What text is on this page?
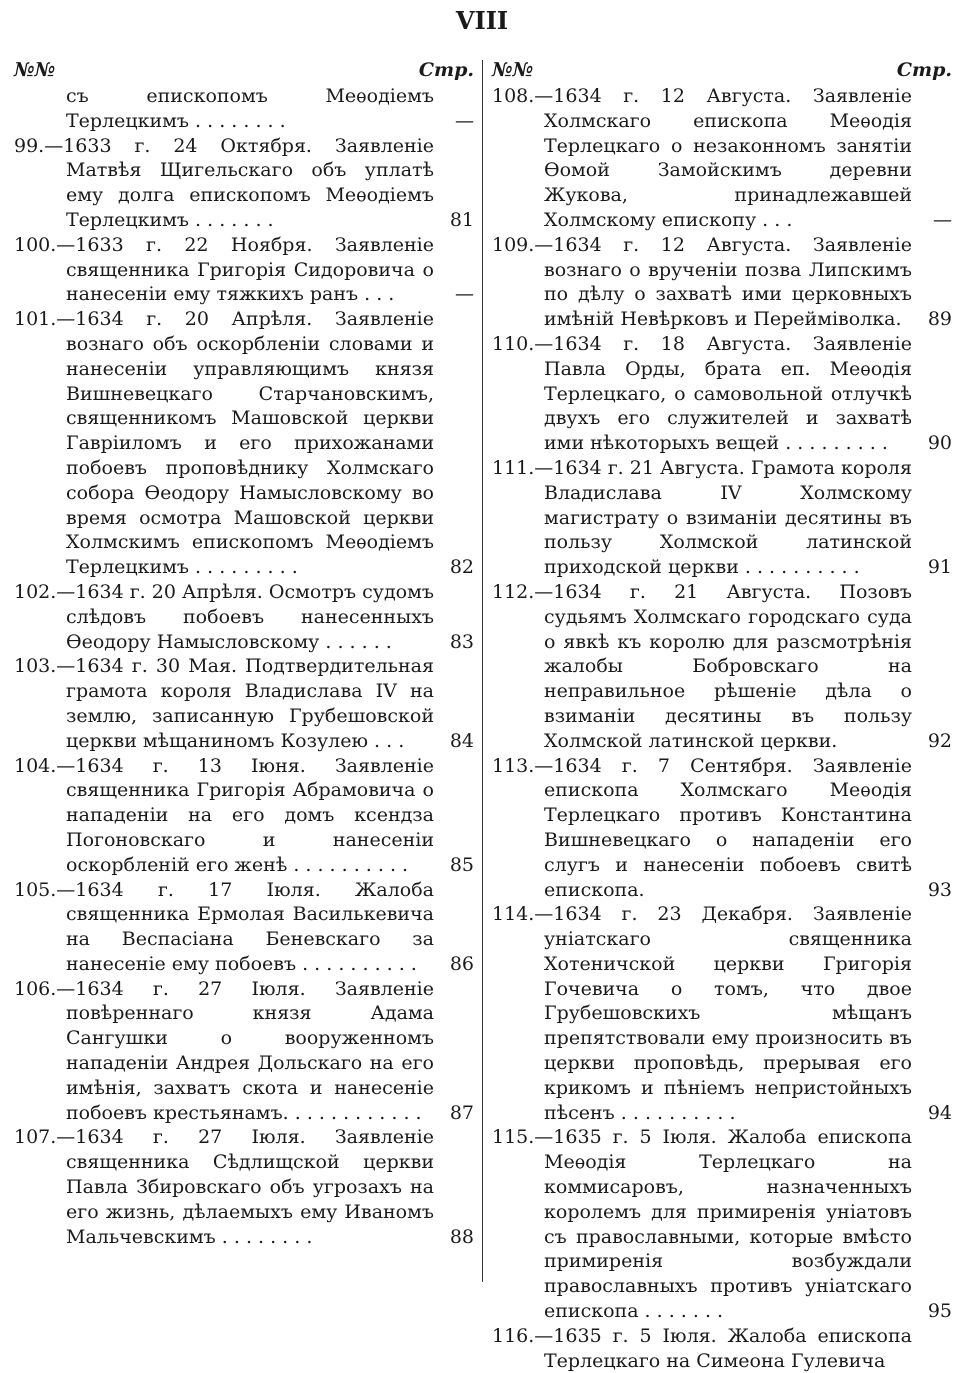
VIII
№№	Стр.
съ епископомъ Меѳодіемъ Терлецкимъ . . . . . . . .	—
99.—1633 г. 24 Октября. Заявленіе Матвѣя Щигельскаго объ уплатѣ ему долга епископомъ Меѳодіемъ Терлецкимъ . . . . . . .	81
100.—1633 г. 22 Ноября. Заявленіе священника Григорія Сидоровича о нанесеніи ему тяжкихъ ранъ . . .	—
101.—1634 г. 20 Апрѣля. Заявленіе вознаго объ оскорбленіи словами и нанесеніи управляющимъ князя Вишневецкаго Старчановскимъ, священникомъ Машовской церкви Гавріиломъ и его прихожанами побоевъ проповѣднику Холмскаго собора Ѳеодору Намысловскому во время осмотра Машовской церкви Холмскимъ епископомъ Меѳодіемъ Терлецкимъ . . . . . . . . .	82
102.—1634 г. 20 Апрѣля. Осмотръ судомъ слѣдовъ побоевъ нанесенныхъ Ѳеодору Намысловскому . . . . . .	83
103.—1634 г. 30 Мая. Подтвердительная грамота короля Владислава IV на землю, записанную Грубешовской церкви мѣщаниномъ Козулею . . .	84
104.—1634 г. 13 Іюня. Заявленіе священника Григорія Абрамовича о нападеніи на его домъ ксендза Погоновскаго и нанесеніи оскорбленій его женѣ . . . . . . . . . .	85
105.—1634 г. 17 Іюля. Жалоба священника Ермолая Василькевича на Веспасіана Беневскаго за нанесеніе ему побоевъ . . . . . . . . . .	86
106.—1634 г. 27 Іюля. Заявленіе повѣреннаго князя Адама Сангушки о вооруженномъ нападеніи Андрея Дольскаго на его имѣнія, захватъ скота и нанесеніе побоевъ крестьянамъ. . . . . . . . . . . .	87
107.—1634 г. 27 Іюля. Заявленіе священника Сѣдлищской церкви Павла Збировскаго объ угрозахъ на его жизнь, дѣлаемыхъ ему Иваномъ Мальчевскимъ . . . . . . . .	88
№№	Стр.
108.—1634 г. 12 Августа. Заявленіе Холмскаго епископа Меѳодія Терлецкаго о незаконномъ занятіи Ѳомой Замойскимъ деревни Жукова, принадлежавшей Холмскому епископу . . .	—
109.—1634 г. 12 Августа. Заявленіе вознаго о врученіи позва Липскимъ по дѣлу о захватѣ ими церковныхъ имѣній Невѣрковъ и Перейміволка.	89
110.—1634 г. 18 Августа. Заявленіе Павла Орды, брата еп. Меѳодія Терлецкаго, о самовольной отлучкѣ двухъ его служителей и захватѣ ими нѣкоторыхъ вещей . . . . . . . . .	90
111.—1634 г. 21 Августа. Грамота короля Владислава IV Холмскому магистрату о взиманіи десятины въ пользу Холмской латинской приходской церкви . . . . . . . . . .	91
112.—1634 г. 21 Августа. Позовъ судьямъ Холмскаго городскаго суда о явкѣ къ королю для разсмотрѣнія жалобы Бобровскаго на неправильное рѣшеніе дѣла о взиманіи десятины въ пользу Холмской латинской церкви.	92
113.—1634 г. 7 Сентября. Заявленіе епископа Холмскаго Меѳодія Терлецкаго противъ Константина Вишневецкаго о нападеніи его слугъ и нанесеніи побоевъ свитѣ епископа.	93
114.—1634 г. 23 Декабря. Заявленіе уніатскаго священника Хотеничской церкви Григорія Гочевича о томъ, что двое Грубешовскихъ мѣщанъ препятствовали ему произносить въ церкви проповѣдь, прерывая его крикомъ и пѣніемъ непристойныхъ пѣсенъ . . . . . . . . . .	94
115.—1635 г. 5 Іюля. Жалоба епископа Меѳодія Терлецкаго на коммисаровъ, назначенныхъ королемъ для примиренія уніатовъ съ православными, которые вмѣсто примиренія возбуждали православныхъ противъ уніатскаго епископа . . . . . . .	95
116.—1635 г. 5 Іюля. Жалоба епископа Терлецкаго на Симеона Гулевича
